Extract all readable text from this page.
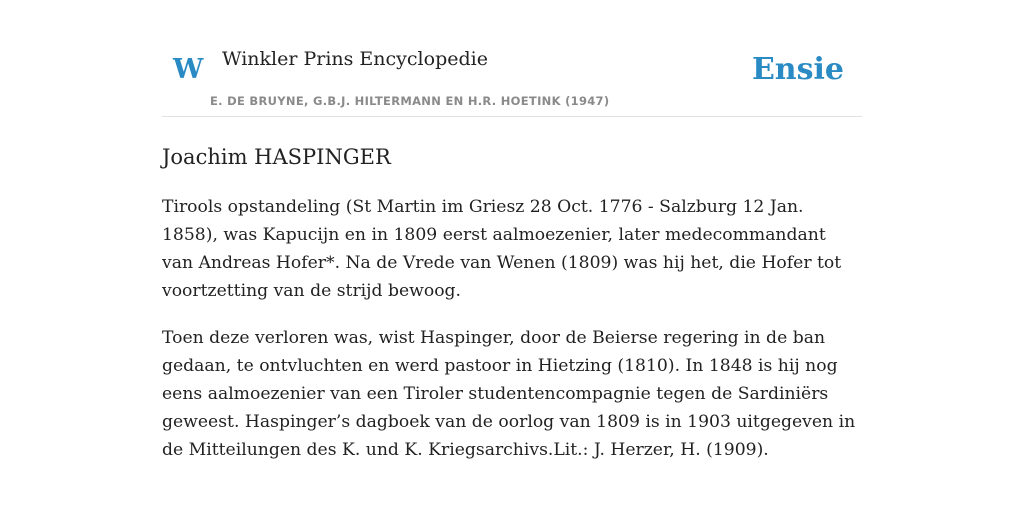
W Winkler Prins Encyclopedie
E. DE BRUYNE, G.B.J. HILTERMANN EN H.R. HOETINK (1947)
Ensie
Joachim HASPINGER

Tirools opstandeling (St Martin im Griesz 28 Oct. 1776 - Salzburg 12 Jan. 1858), was Kapucijn en in 1809 eerst aalmoezenier, later medecommandant van Andreas Hofer*. Na de Vrede van Wenen (1809) was hij het, die Hofer tot voortzetting van de strijd bewoog.

Toen deze verloren was, wist Haspinger, door de Beierse regering in de ban gedaan, te ontvluchten en werd pastoor in Hietzing (1810). In 1848 is hij nog eens aalmoezenier van een Tiroler studentencompagnie tegen de Sardiniërs geweest. Haspinger’s dagboek van de oorlog van 1809 is in 1903 uitgegeven in de Mitteilungen des K. und K. Kriegsarchivs.Lit.: J. Herzer, H. (1909).
